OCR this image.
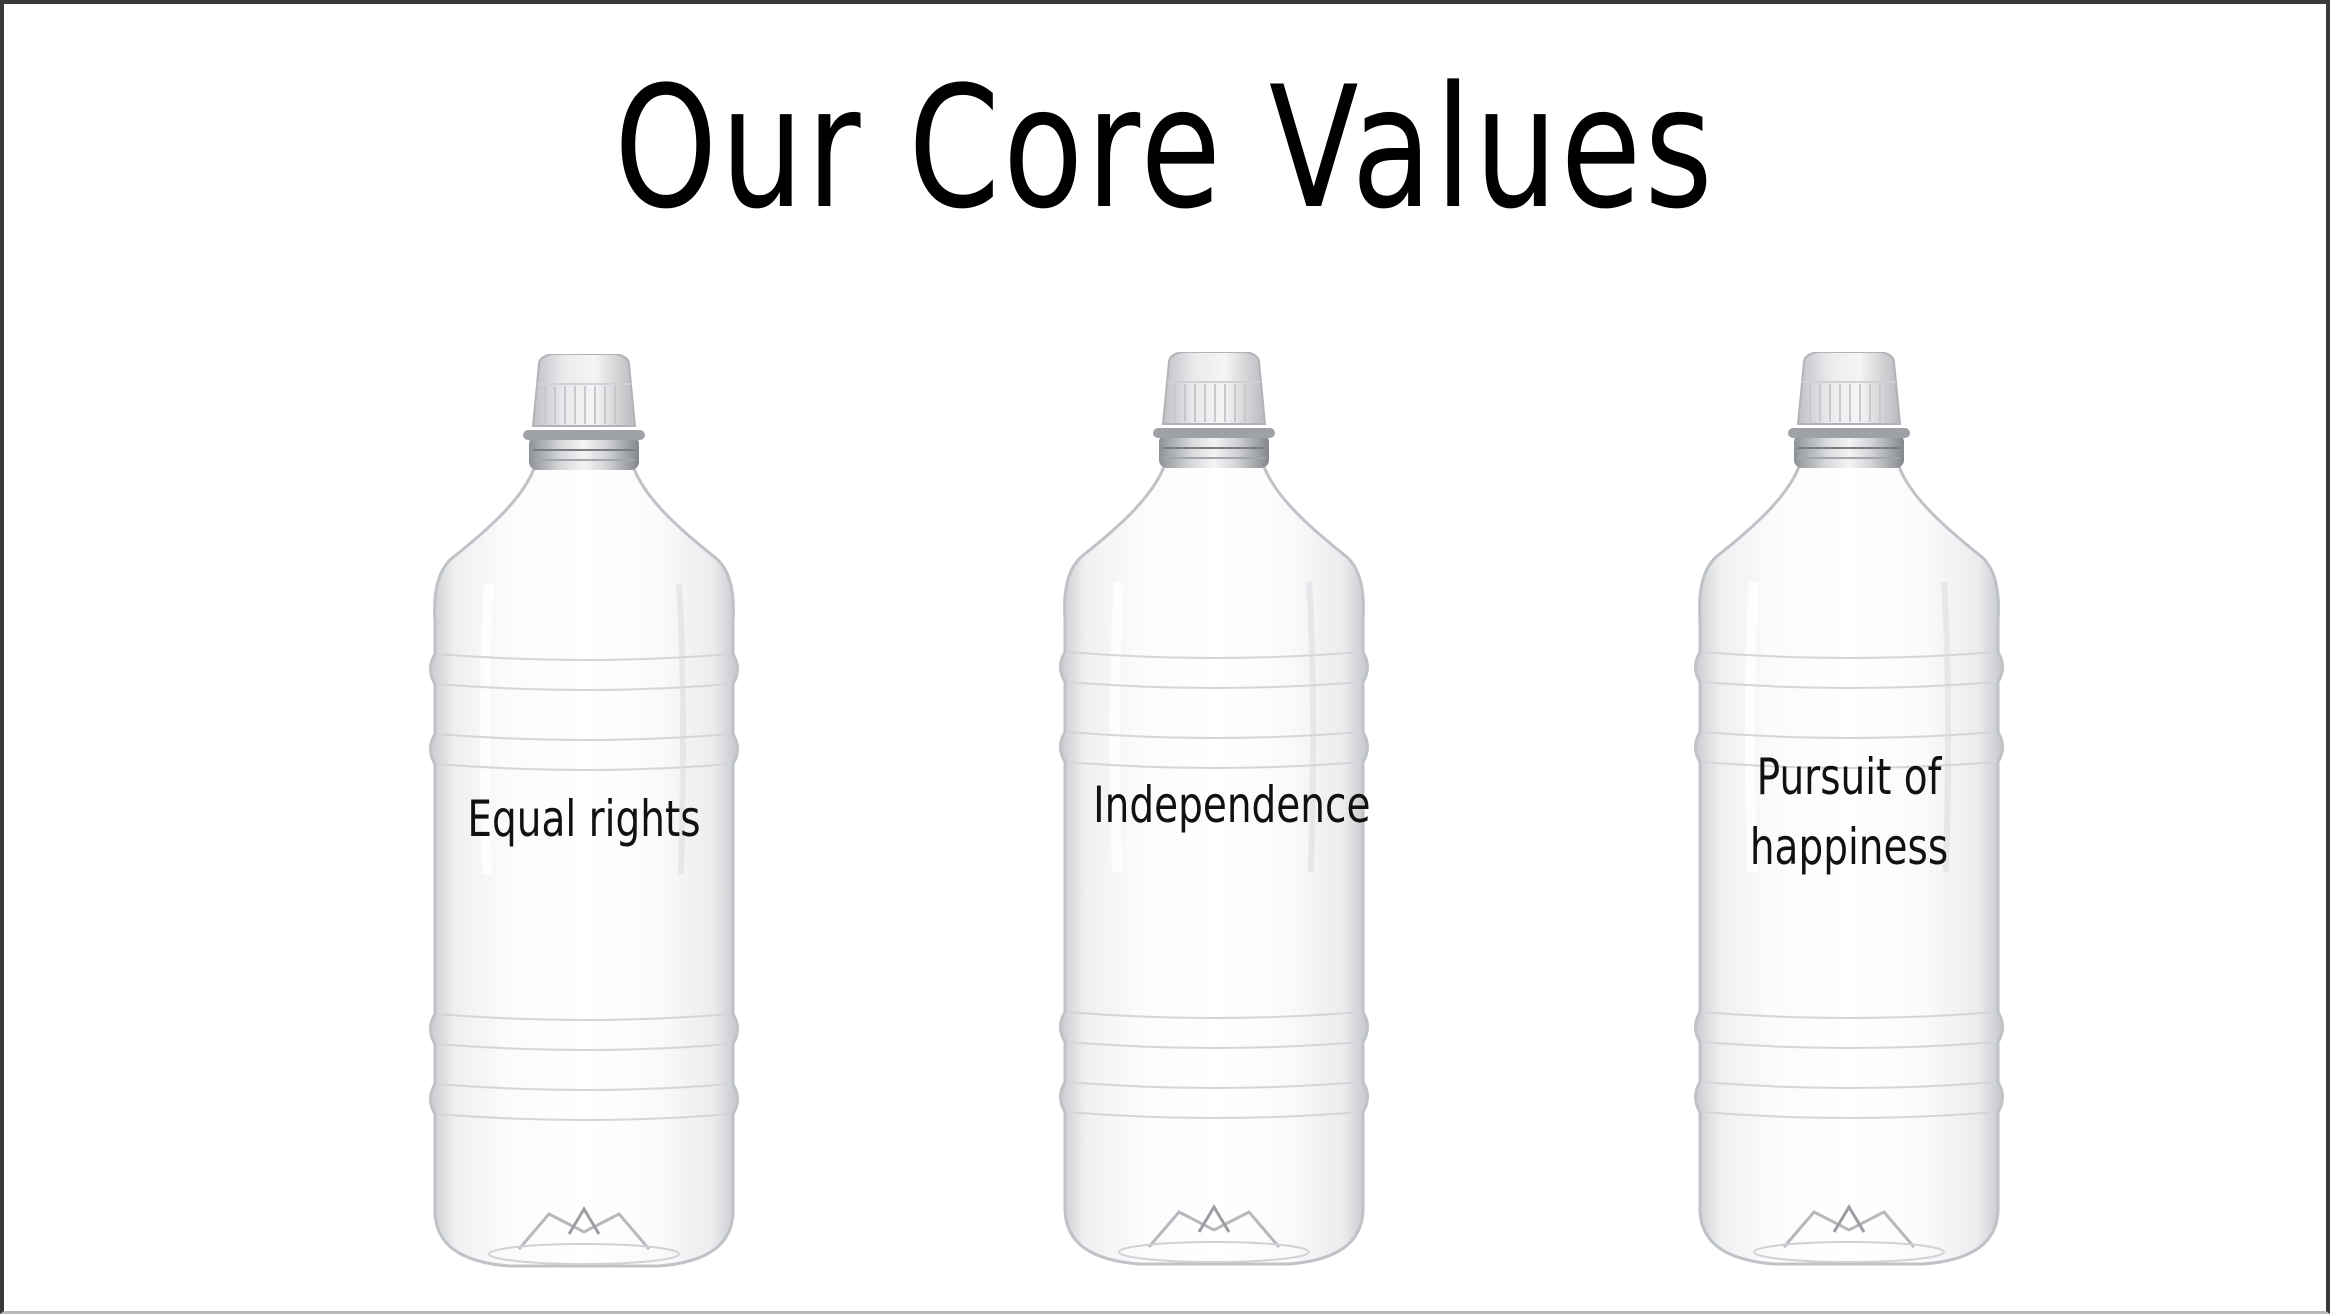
Our Core Values
Equal rights	Independence	Pursuit of
happiness
